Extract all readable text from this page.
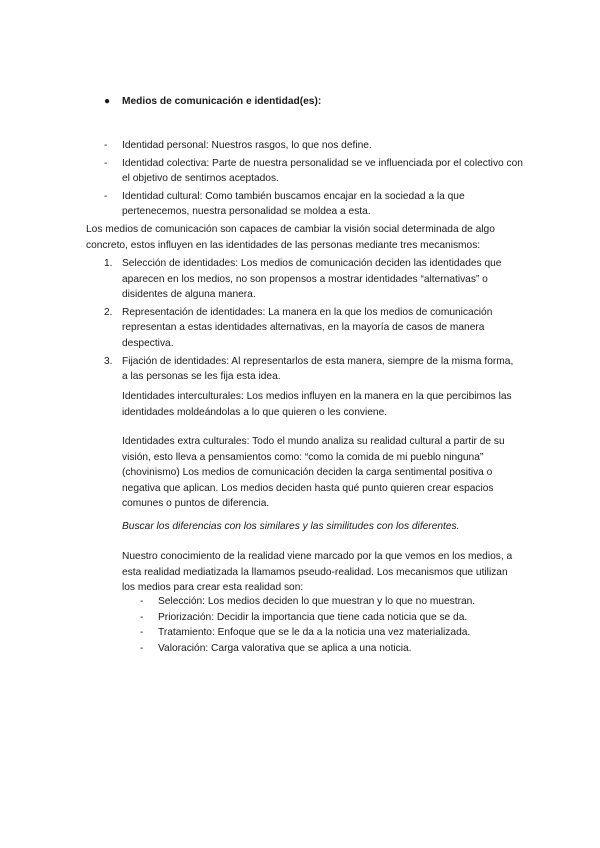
● Medios de comunicación e identidad(es):
- Identidad personal: Nuestros rasgos, lo que nos define.
- Identidad colectiva: Parte de nuestra personalidad se ve influenciada por el colectivo con el objetivo de sentirnos aceptados.
- Identidad cultural: Como también buscamos encajar en la sociedad a la que pertenecemos, nuestra personalidad se moldea a esta.
Los medios de comunicación son capaces de cambiar la visión social determinada de algo concreto, estos influyen en las identidades de las personas mediante tres mecanismos:
1. Selección de identidades: Los medios de comunicación deciden las identidades que aparecen en los medios, no son propensos a mostrar identidades “alternativas” o disidentes de alguna manera.
2. Representación de identidades: La manera en la que los medios de comunicación representan a estas identidades alternativas, en la mayoría de casos de manera despectiva.
3. Fijación de identidades: Al representarlos de esta manera, siempre de la misma forma, a las personas se les fija esta idea.
Identidades interculturales: Los medios influyen en la manera en la que percibimos las identidades moldeándolas a lo que quieren o les conviene.
Identidades extra culturales: Todo el mundo analiza su realidad cultural a partir de su visión, esto lleva a pensamientos como: “como la comida de mi pueblo ninguna” (chovinismo) Los medios de comunicación deciden la carga sentimental positiva o negativa que aplican. Los medios deciden hasta qué punto quieren crear espacios comunes o puntos de diferencia.
Buscar los diferencias con los similares y las similitudes con los diferentes.
Nuestro conocimiento de la realidad viene marcado por la que vemos en los medios, a esta realidad mediatizada la llamamos pseudo-realidad. Los mecanismos que utilizan los medios para crear esta realidad son:
- Selección: Los medios deciden lo que muestran y lo que no muestran.
- Priorización: Decidir la importancia que tiene cada noticia que se da.
- Tratamiento: Enfoque que se le da a la noticia una vez materializada.
- Valoración: Carga valorativa que se aplica a una noticia.
